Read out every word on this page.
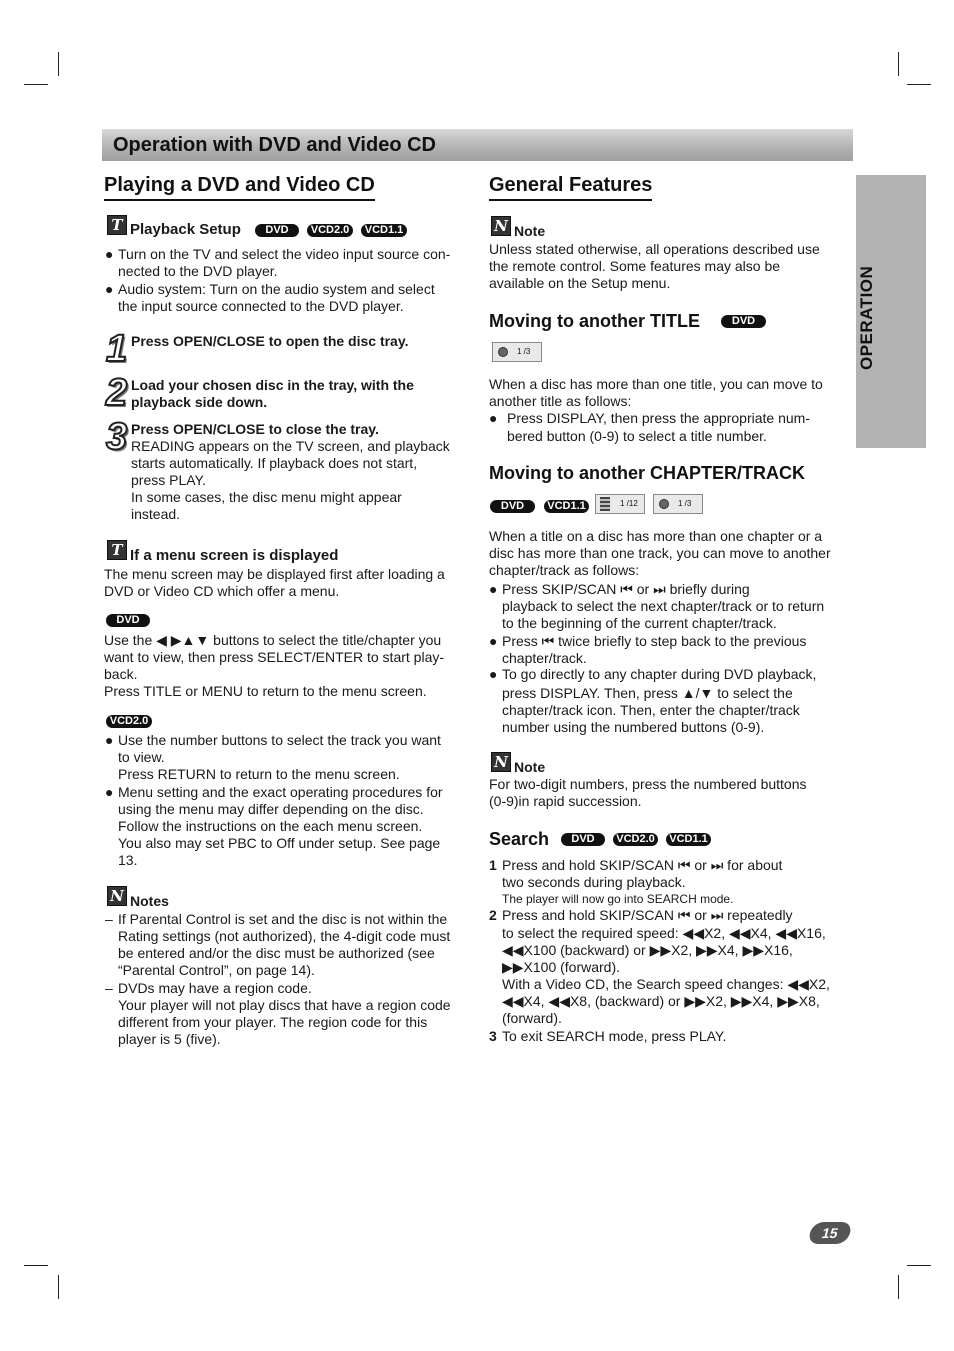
Operation with DVD and Video CD
OPERATION
Playing a DVD and Video CD
T Playback Setup	DVD	VCD2.0	VCD1.1
● Turn on the TV and select the video input source con-
nected to the DVD player.
● Audio system: Turn on the audio system and select
the input source connected to the DVD player.
1 Press OPEN/CLOSE to open the disc tray.
2 Load your chosen disc in the tray, with the
playback side down.
3 Press OPEN/CLOSE to close the tray.
READING appears on the TV screen, and playback
starts automatically. If playback does not start,
press PLAY.
In some cases, the disc menu might appear
instead.
T If a menu screen is displayed
The menu screen may be displayed first after loading a
DVD or Video CD which offer a menu.
DVD
Use the ◀ ▶▲▼ buttons to select the title/chapter you
want to view, then press SELECT/ENTER to start play-
back.
Press TITLE or MENU to return to the menu screen.
VCD2.0
● Use the number buttons to select the track you want
to view.
Press RETURN to return to the menu screen.
● Menu setting and the exact operating procedures for
using the menu may differ depending on the disc.
Follow the instructions on the each menu screen.
You also may set PBC to Off under setup. See page
13.
N Notes
– If Parental Control is set and the disc is not within the
Rating settings (not authorized), the 4-digit code must
be entered and/or the disc must be authorized (see
“Parental Control”, on page 14).
– DVDs may have a region code.
Your player will not play discs that have a region code
different from your player. The region code for this
player is 5 (five).
General Features
N Note
Unless stated otherwise, all operations described use
the remote control. Some features may also be
available on the Setup menu.
Moving to another TITLE	DVD
1 /3
When a disc has more than one title, you can move to
another title as follows:
● Press DISPLAY, then press the appropriate num-
bered button (0-9) to select a title number.
Moving to another CHAPTER/TRACK
DVD	VCD1.1	1 /12	1 /3
When a title on a disc has more than one chapter or a
disc has more than one track, you can move to another
chapter/track as follows:
● Press SKIP/SCAN ⏮ or ⏭ briefly during
playback to select the next chapter/track or to return
to the beginning of the current chapter/track.
● Press ⏮ twice briefly to step back to the previous
chapter/track.
● To go directly to any chapter during DVD playback,
press DISPLAY. Then, press ▲/▼ to select the
chapter/track icon. Then, enter the chapter/track
number using the numbered buttons (0-9).
N Note
For two-digit numbers, press the numbered buttons
(0-9)in rapid succession.
Search	DVD	VCD2.0 VCD1.1
1 Press and hold SKIP/SCAN ⏮ or ⏭ for about
two seconds during playback.
The player will now go into SEARCH mode.
2 Press and hold SKIP/SCAN ⏮ or ⏭ repeatedly
to select the required speed: ◀◀X2, ◀◀X4, ◀◀X16,
◀◀X100 (backward) or ▶▶X2, ▶▶X4, ▶▶X16,
▶▶X100 (forward).
With a Video CD, the Search speed changes: ◀◀X2,
◀◀X4, ◀◀X8, (backward) or ▶▶X2, ▶▶X4, ▶▶X8,
(forward).
3 To exit SEARCH mode, press PLAY.
15
